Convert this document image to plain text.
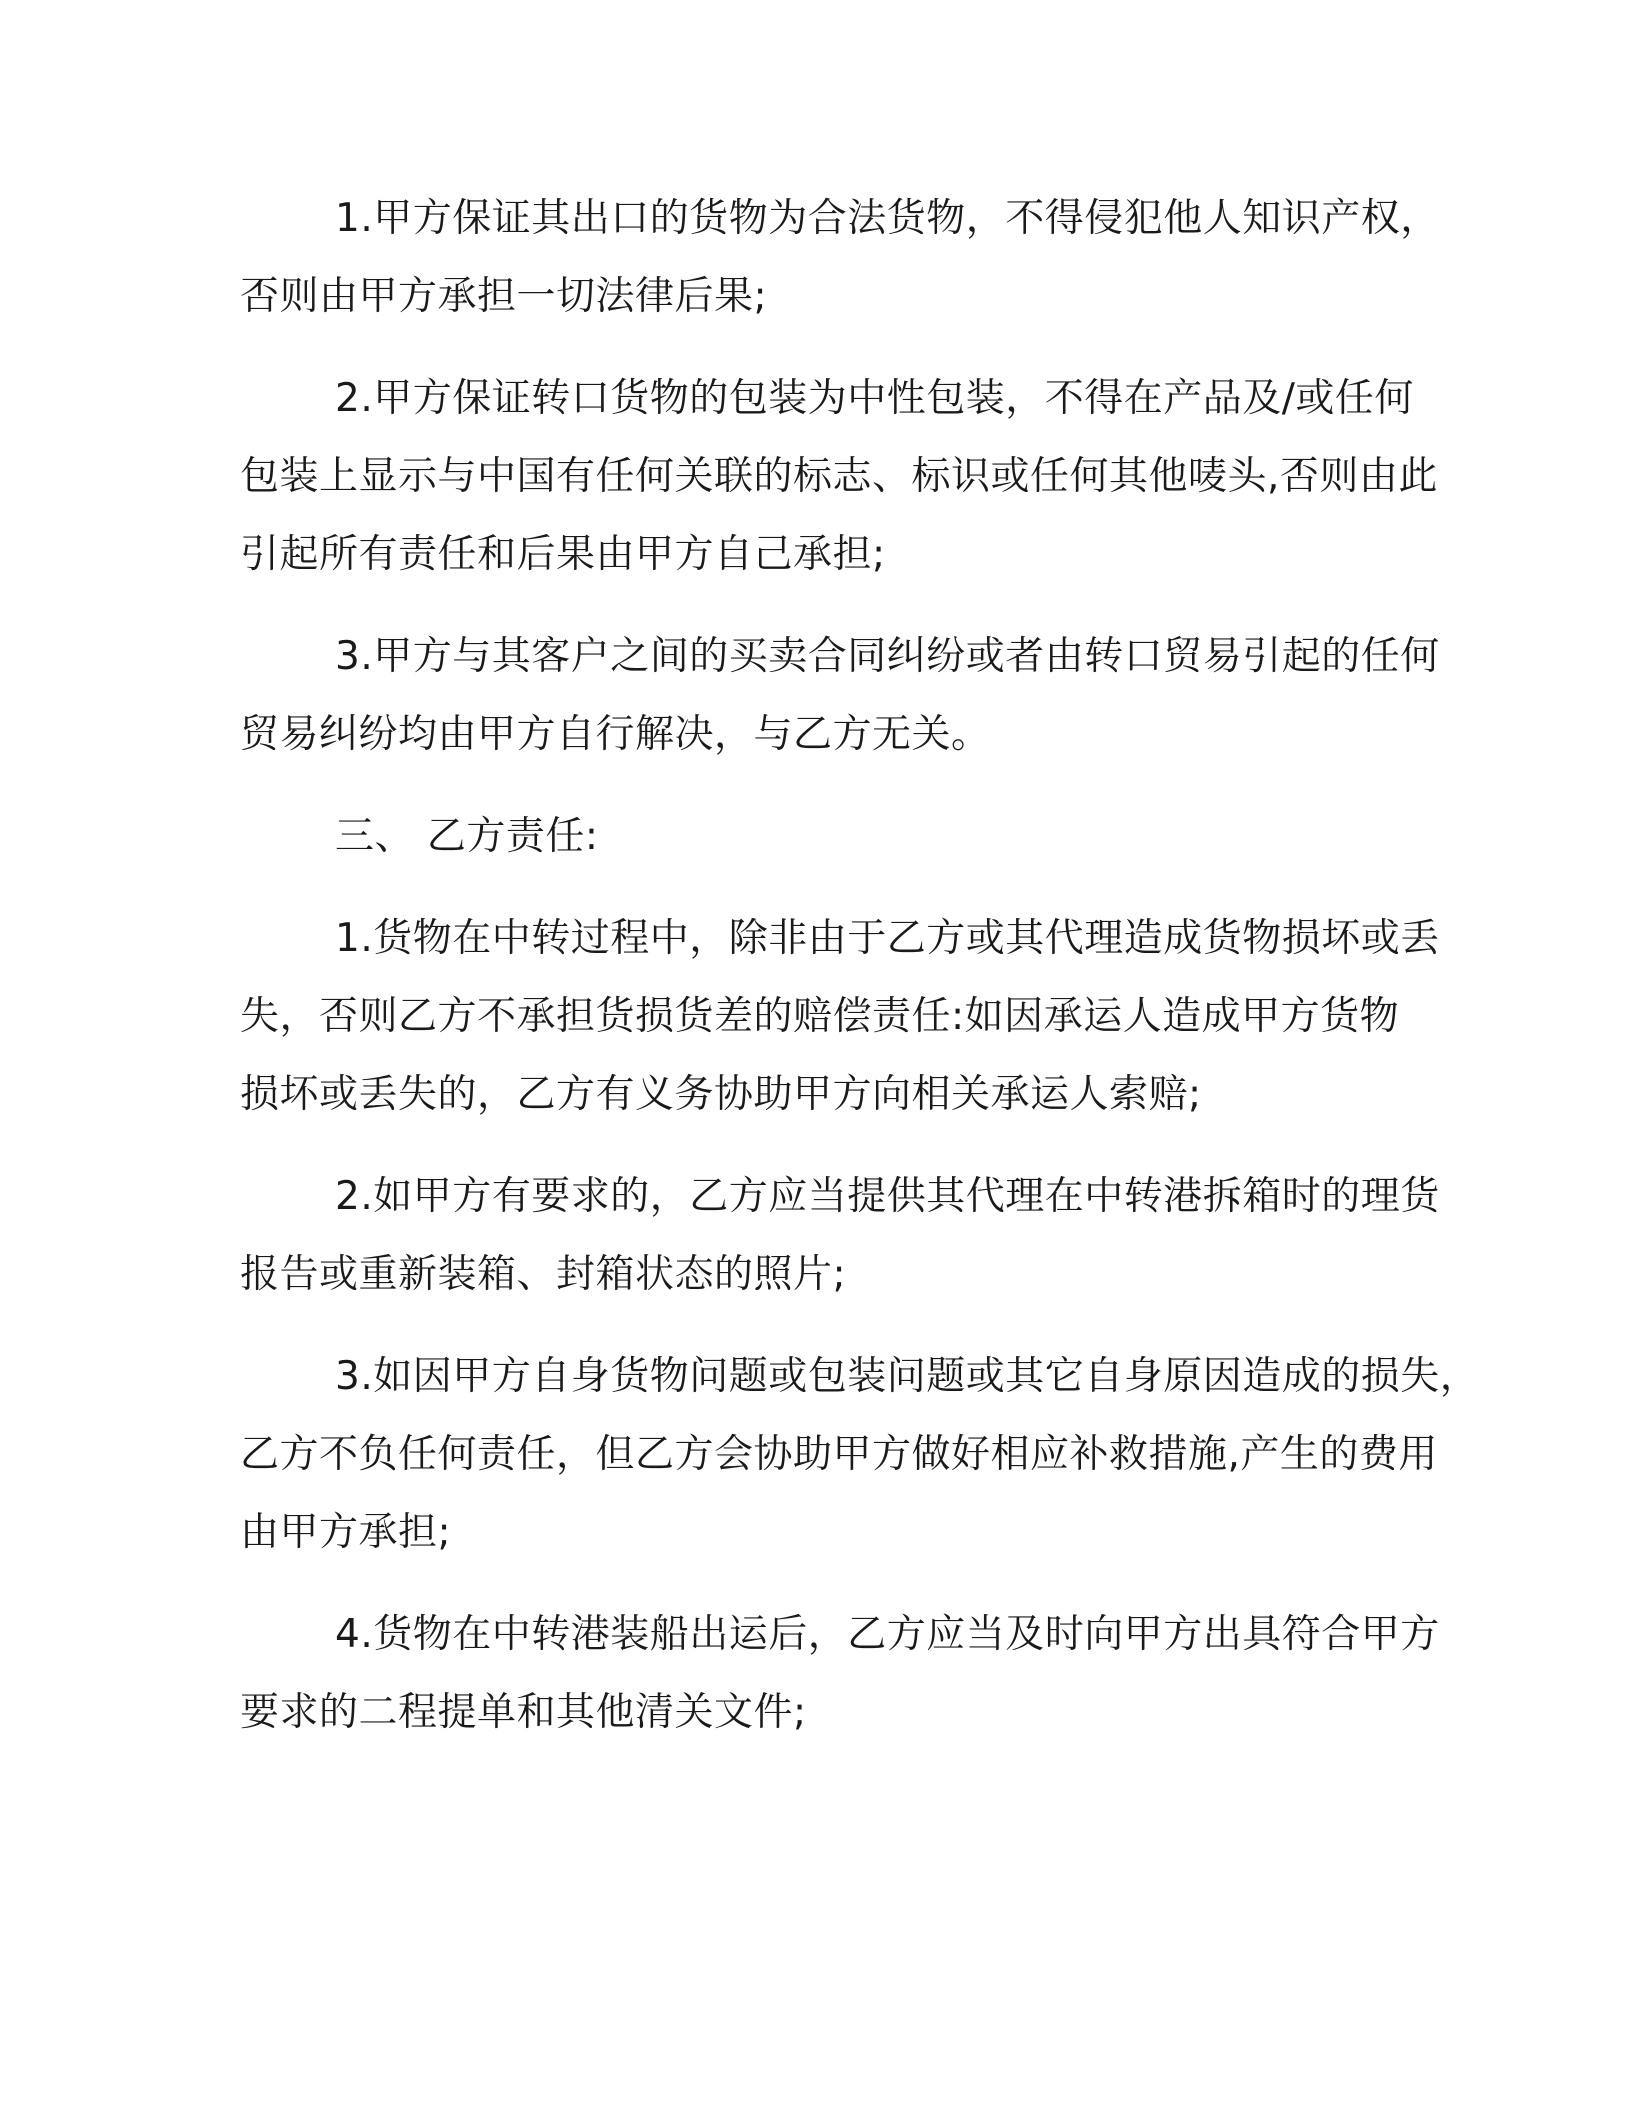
1.甲方保证其出口的货物为合法货物，不得侵犯他人知识产权，
否则由甲方承担一切法律后果;

2.甲方保证转口货物的包装为中性包装，不得在产品及/或任何
包装上显示与中国有任何关联的标志、标识或任何其他唛头,否则由此
引起所有责任和后果由甲方自己承担;

3.甲方与其客户之间的买卖合同纠纷或者由转口贸易引起的任何
贸易纠纷均由甲方自行解决，与乙方无关。

三、 乙方责任:

1.货物在中转过程中，除非由于乙方或其代理造成货物损坏或丢
失，否则乙方不承担货损货差的赔偿责任:如因承运人造成甲方货物
损坏或丢失的，乙方有义务协助甲方向相关承运人索赔;

2.如甲方有要求的，乙方应当提供其代理在中转港拆箱时的理货
报告或重新装箱、封箱状态的照片;

3.如因甲方自身货物问题或包装问题或其它自身原因造成的损失，
乙方不负任何责任，但乙方会协助甲方做好相应补救措施,产生的费用
由甲方承担;

4.货物在中转港装船出运后，乙方应当及时向甲方出具符合甲方
要求的二程提单和其他清关文件;
